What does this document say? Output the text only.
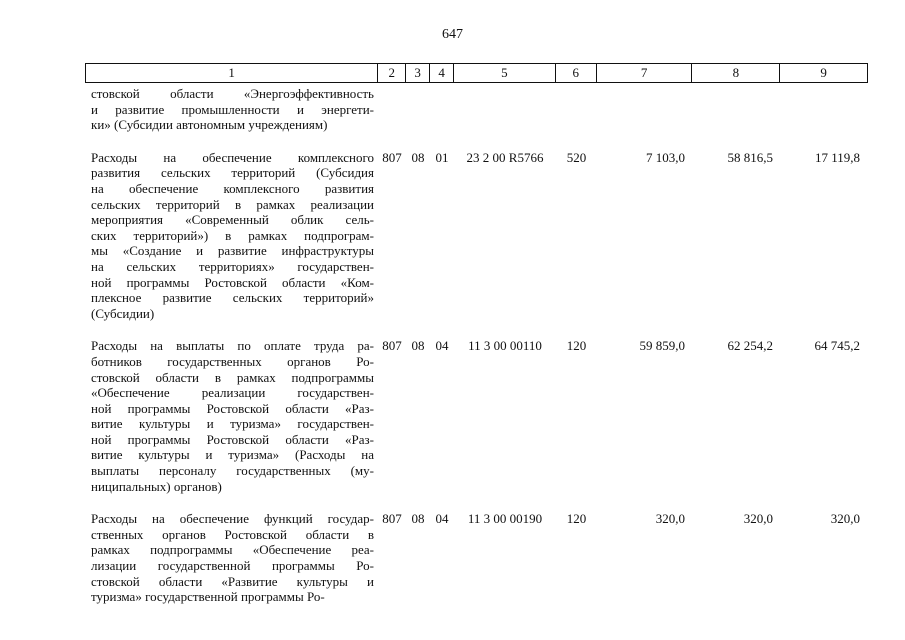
647
1	2	3	4	5	6	7	8	9
стовской области «Энергоэффективность
и развитие промышленности и энергети-
ки» (Субсидии автономным учреждениям)
Расходы на обеспечение комплексного
развития сельских территорий (Субсидия
на обеспечение комплексного развития
сельских территорий в рамках реализации
мероприятия «Современный облик сель-
ских территорий») в рамках подпрограм-
мы «Создание и развитие инфраструктуры
на сельских территориях» государствен-
ной программы Ростовской области «Ком-
плексное развитие сельских территорий»
(Субсидии)
807 08 01	23 2 00 R5766	520	7 103,0	58 816,5	17 119,8
Расходы на выплаты по оплате труда ра-
ботников государственных органов Ро-
стовской области в рамках подпрограммы
«Обеспечение реализации государствен-
ной программы Ростовской области «Раз-
витие культуры и туризма» государствен-
ной программы Ростовской области «Раз-
витие культуры и туризма» (Расходы на
выплаты персоналу государственных (му-
ниципальных) органов)
807 08 04	11 3 00 00110	120	59 859,0	62 254,2	64 745,2
Расходы на обеспечение функций государ-
ственных органов Ростовской области в
рамках подпрограммы «Обеспечение реа-
лизации государственной программы Ро-
стовской области «Развитие культуры и
туризма» государственной программы Ро-
807 08 04	11 3 00 00190	120	320,0	320,0	320,0
